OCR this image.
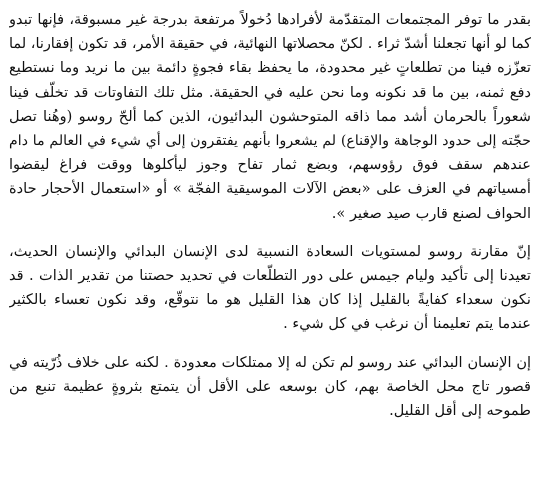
بقدر ما توفر المجتمعات المتقدّمة لأفرادها دُخولاً مرتفعة بدرجة غير مسبوقة، فإنها تبدو
كما لو أنها تجعلنا أشدّ ثراء . لكنّ محصلاتها النهائية، في حقيقة الأمر، قد تكون إفقارنا، لما
تعزّزه فينا من تطلعاتٍ غير محدودة، ما يحفظ بقاء فجوةٍ دائمة بين ما نريد وما نستطيع
دفع ثمنه، بين ما قد نكونه وما نحن عليه في الحقيقة. مثل تلك التفاوتات قد تخلّف فينا
شعوراً بالحرمان أشد مما ذاقه المتوحشون البدائيون، الذين كما ألحّ روسو (وهُنا تصل
حجّته إلى حدود الوجاهة والإقناع) لم يشعروا بأنهم يفتقرون إلى أي شيء في العالم ما دام
عندهم سقف فوق رؤوسهم، وبضع ثمار تفاح وجوز ليأكلوها ووقت فراغ ليقضوا
أمسياتهم في العزف على «بعض الآلات الموسيقية الفجّة » أو «استعمال الأحجار حادة
الحواف لصنع قارب صيد صغير ».
إنّ مقارنة روسو لمستويات السعادة النسبية لدى الإنسان البدائي والإنسان الحديث،
تعيدنا إلى تأكيد وليام جيمس على دور التطلّعات في تحديد حصتنا من تقدير الذات . قد
نكون سعداء كفايةً بالقليل إذا كان هذا القليل هو ما نتوقّع، وقد نكون تعساء بالكثير
عندما يتم تعليمنا أن نرغب في كل شيء .
إن الإنسان البدائي عند روسو لم تكن له إلا ممتلكات معدودة . لكنه على خلاف ذُرّيته في
قصور تاج محل الخاصة بهم، كان بوسعه على الأقل أن يتمتع بثروةٍ عظيمة تنبع من
طموحه إلى أقل القليل.
